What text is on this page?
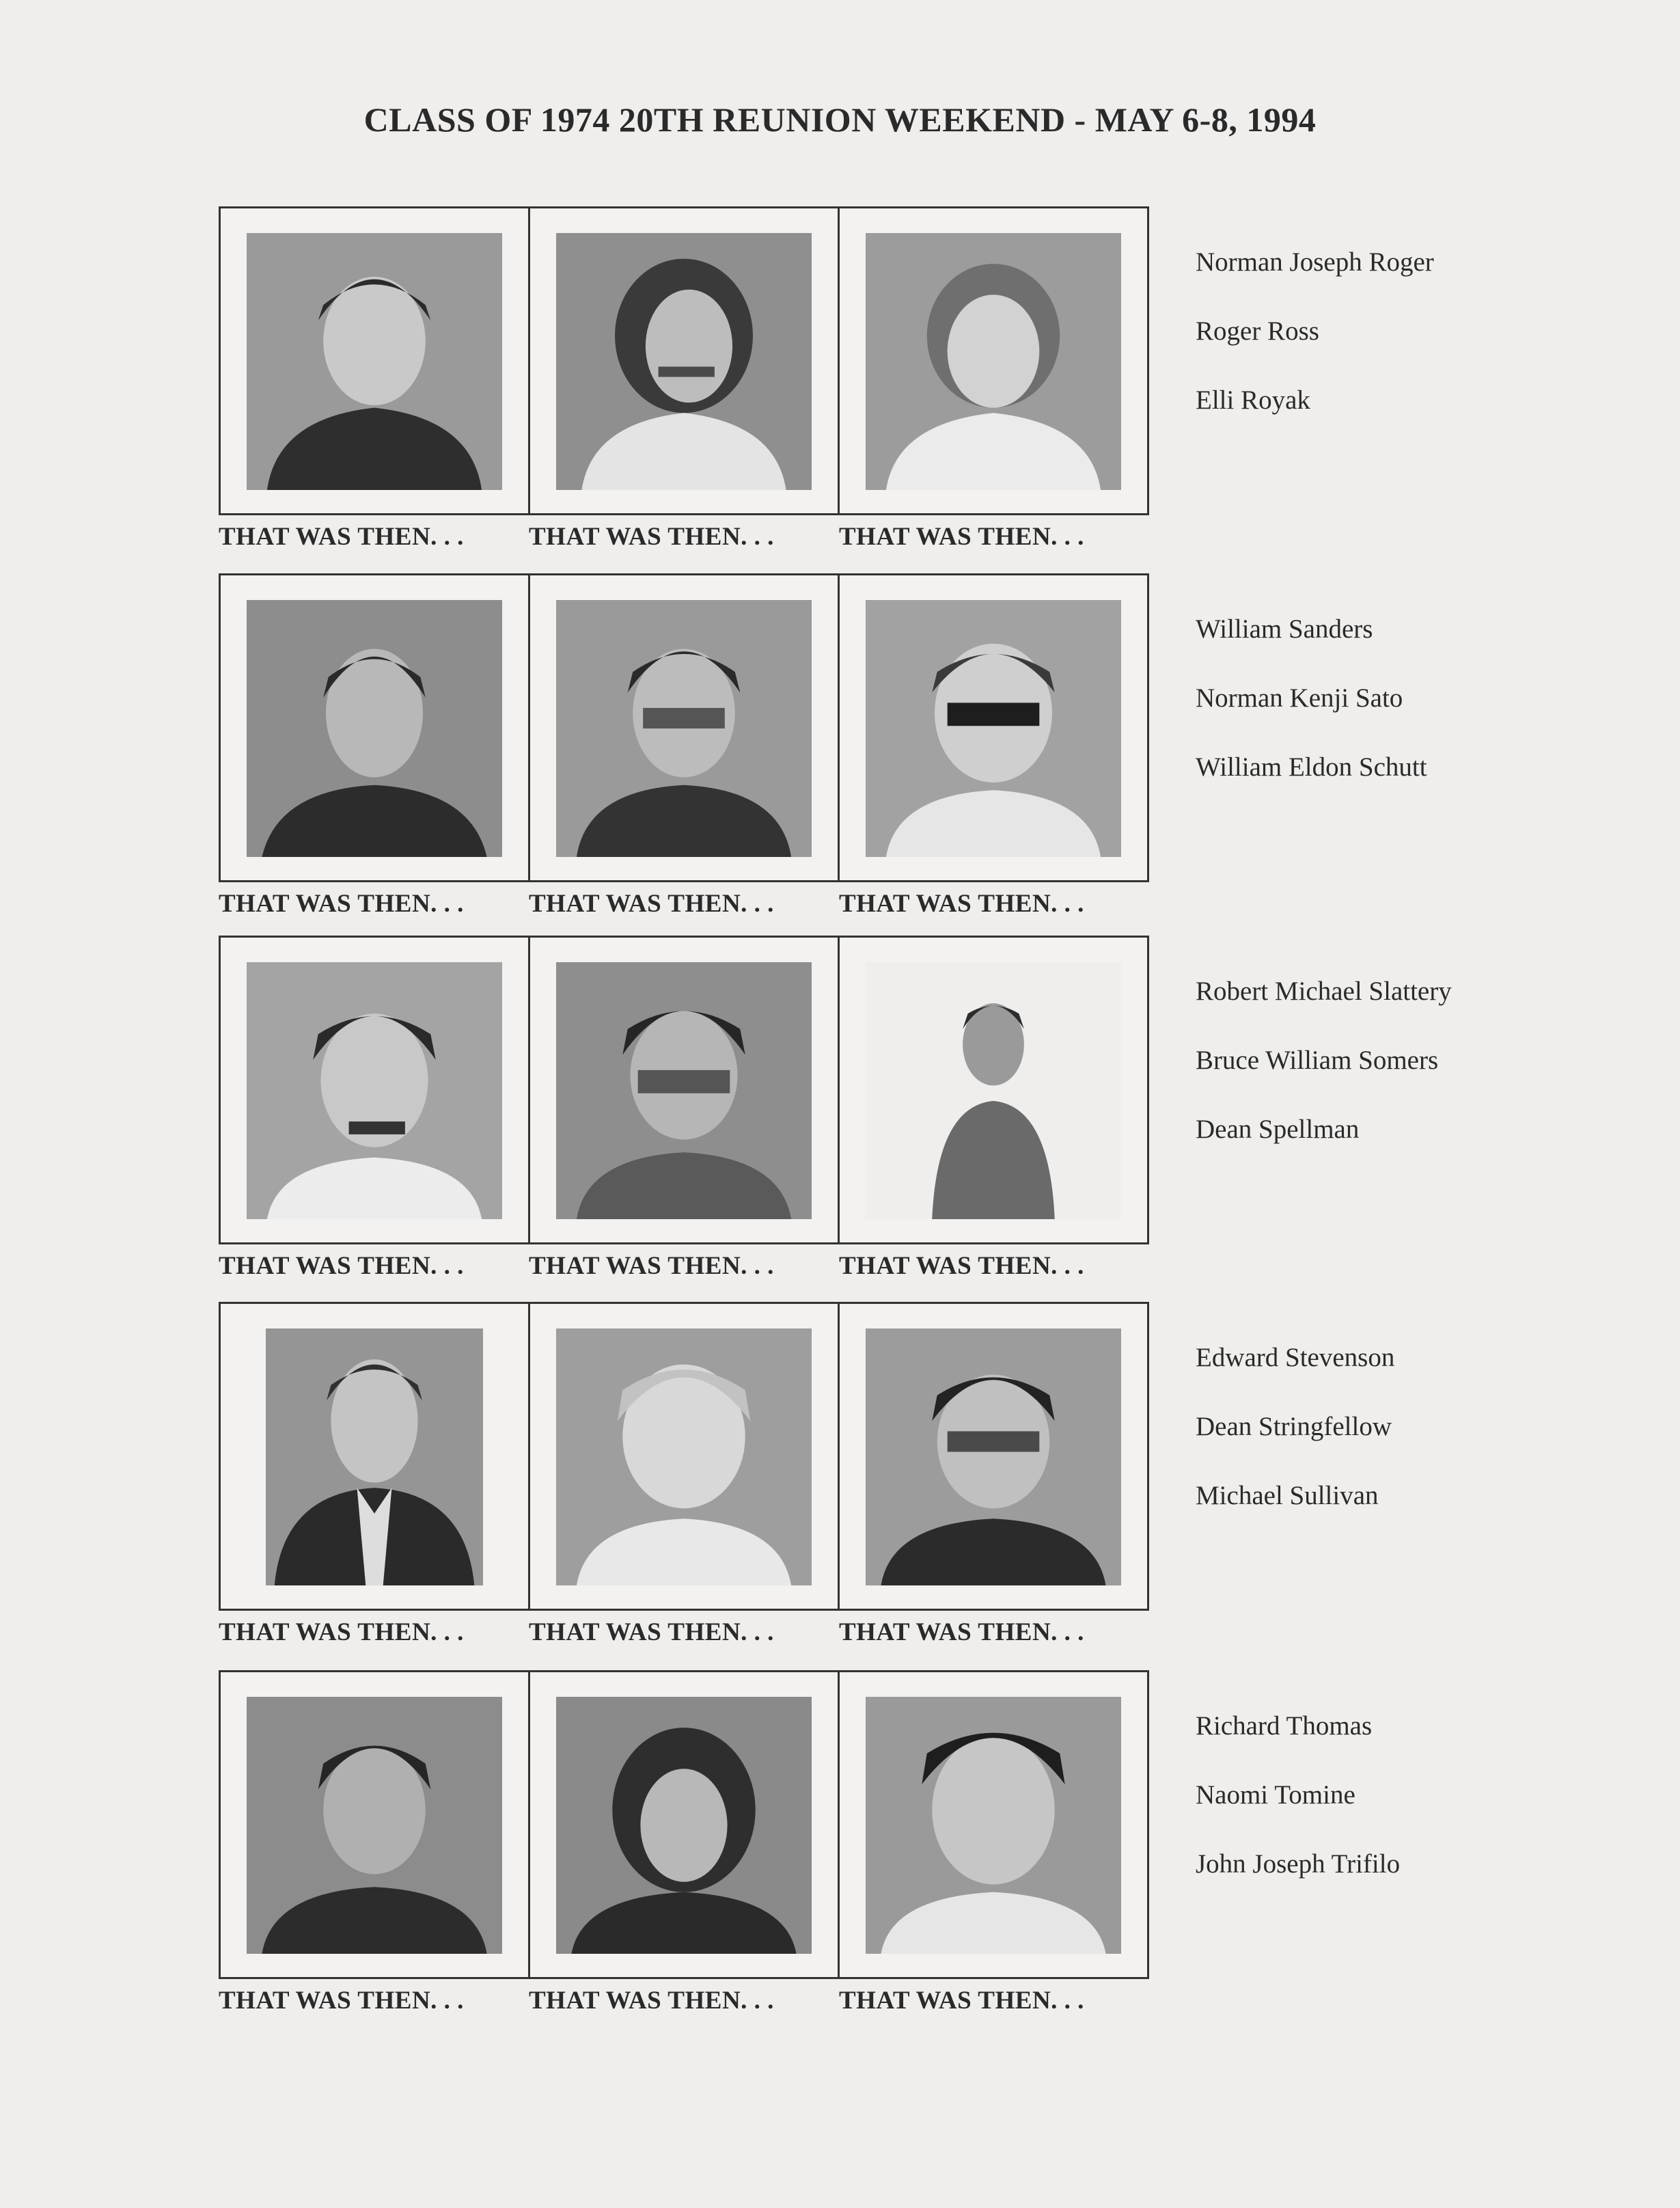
CLASS OF 1974 20TH REUNION WEEKEND - MAY 6-8, 1994
THAT WAS THEN. . .	THAT WAS THEN. . .	THAT WAS THEN. . .
Norman Joseph Roger
Roger Ross
Elli Royak
THAT WAS THEN. . .	THAT WAS THEN. . .	THAT WAS THEN. . .
William Sanders
Norman Kenji Sato
William Eldon Schutt
THAT WAS THEN. . .	THAT WAS THEN. . .	THAT WAS THEN. . .
Robert Michael Slattery
Bruce William Somers
Dean Spellman
THAT WAS THEN. . .	THAT WAS THEN. . .	THAT WAS THEN. . .
Edward Stevenson
Dean Stringfellow
Michael Sullivan
THAT WAS THEN. . .	THAT WAS THEN. . .	THAT WAS THEN. . .
Richard Thomas
Naomi Tomine
John Joseph Trifilo
